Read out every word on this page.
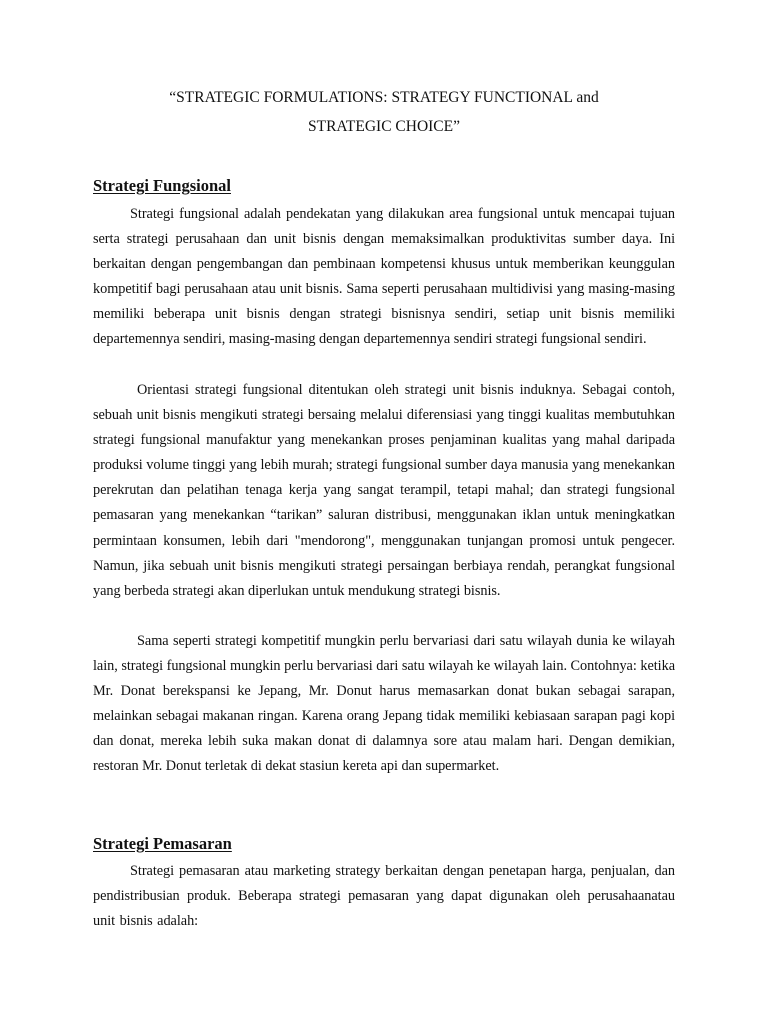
“STRATEGIC FORMULATIONS: STRATEGY FUNCTIONAL and
STRATEGIC CHOICE”
Strategi Fungsional
Strategi fungsional adalah pendekatan yang dilakukan area fungsional untuk mencapai tujuan serta strategi perusahaan dan unit bisnis dengan memaksimalkan produktivitas sumber daya. Ini berkaitan dengan pengembangan dan pembinaan kompetensi khusus untuk memberikan keunggulan kompetitif bagi perusahaan atau unit bisnis. Sama seperti perusahaan multidivisi yang masing-masing memiliki beberapa unit bisnis dengan strategi bisnisnya sendiri, setiap unit bisnis memiliki departemennya sendiri, masing-masing dengan departemennya sendiri strategi fungsional sendiri.
Orientasi strategi fungsional ditentukan oleh strategi unit bisnis induknya. Sebagai contoh, sebuah unit bisnis mengikuti strategi bersaing melalui diferensiasi yang tinggi kualitas membutuhkan strategi fungsional manufaktur yang menekankan proses penjaminan kualitas yang mahal daripada produksi volume tinggi yang lebih murah; strategi fungsional sumber daya manusia yang menekankan perekrutan dan pelatihan tenaga kerja yang sangat terampil, tetapi mahal; dan strategi fungsional pemasaran yang menekankan “tarikan” saluran distribusi, menggunakan iklan untuk meningkatkan permintaan konsumen, lebih dari "mendorong", menggunakan tunjangan promosi untuk pengecer. Namun, jika sebuah unit bisnis mengikuti strategi persaingan berbiaya rendah, perangkat fungsional yang berbeda strategi akan diperlukan untuk mendukung strategi bisnis.
Sama seperti strategi kompetitif mungkin perlu bervariasi dari satu wilayah dunia ke wilayah lain, strategi fungsional mungkin perlu bervariasi dari satu wilayah ke wilayah lain. Contohnya: ketika Mr. Donat berekspansi ke Jepang, Mr. Donut harus memasarkan donat bukan sebagai sarapan, melainkan sebagai makanan ringan. Karena orang Jepang tidak memiliki kebiasaan sarapan pagi kopi dan donat, mereka lebih suka makan donat di dalamnya sore atau malam hari. Dengan demikian, restoran Mr. Donut terletak di dekat stasiun kereta api dan supermarket.
Strategi Pemasaran
Strategi pemasaran atau marketing strategy berkaitan dengan penetapan harga, penjualan, dan pendistribusian produk. Beberapa strategi pemasaran yang dapat digunakan oleh perusahaanatau unit bisnis adalah:
